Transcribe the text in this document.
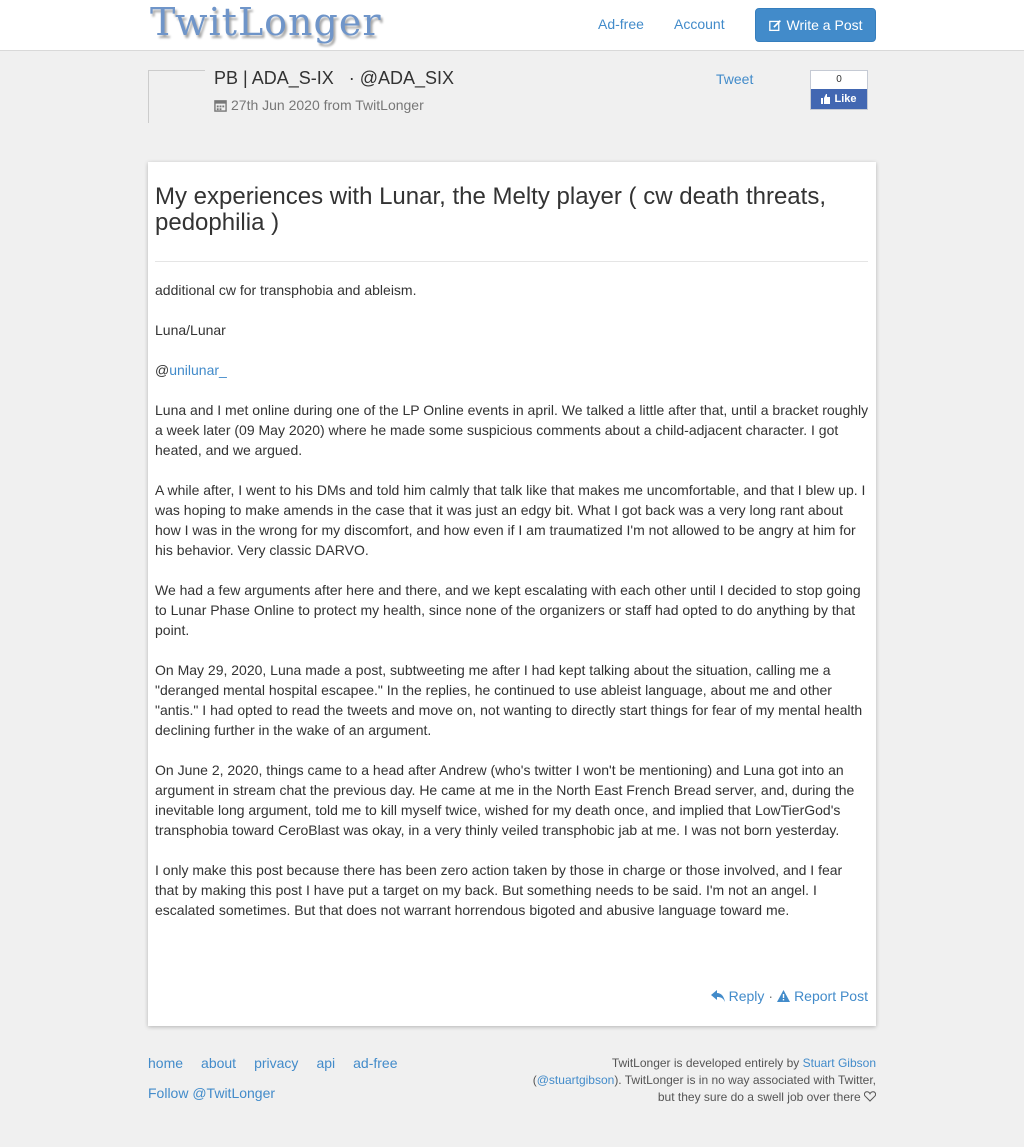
TwitLonger	Ad-free Account	Write a Post
PB | ADA_S-IX · @ADA_SIX
27th Jun 2020 from TwitLonger
Tweet	0
Like
My experiences with Lunar, the Melty player ( cw death threats, pedophilia )

additional cw for transphobia and ableism.

Luna/Lunar

@unilunar_

Luna and I met online during one of the LP Online events in april. We talked a little after that, until a bracket roughly a week later (09 May 2020) where he made some suspicious comments about a child-adjacent character. I got heated, and we argued.

A while after, I went to his DMs and told him calmly that talk like that makes me uncomfortable, and that I blew up. I was hoping to make amends in the case that it was just an edgy bit. What I got back was a very long rant about how I was in the wrong for my discomfort, and how even if I am traumatized I'm not allowed to be angry at him for his behavior. Very classic DARVO.

We had a few arguments after here and there, and we kept escalating with each other until I decided to stop going to Lunar Phase Online to protect my health, since none of the organizers or staff had opted to do anything by that point.

On May 29, 2020, Luna made a post, subtweeting me after I had kept talking about the situation, calling me a "deranged mental hospital escapee." In the replies, he continued to use ableist language, about me and other "antis." I had opted to read the tweets and move on, not wanting to directly start things for fear of my mental health declining further in the wake of an argument.

On June 2, 2020, things came to a head after Andrew (who's twitter I won't be mentioning) and Luna got into an argument in stream chat the previous day. He came at me in the North East French Bread server, and, during the inevitable long argument, told me to kill myself twice, wished for my death once, and implied that LowTierGod's transphobia toward CeroBlast was okay, in a very thinly veiled transphobic jab at me. I was not born yesterday.

I only make this post because there has been zero action taken by those in charge or those involved, and I fear that by making this post I have put a target on my back. But something needs to be said. I'm not an angel. I escalated sometimes. But that does not warrant horrendous bigoted and abusive language toward me.

Reply · Report Post
home about privacy api ad-free
Follow @TwitLonger
TwitLonger is developed entirely by Stuart Gibson (@stuartgibson). TwitLonger is in no way associated with Twitter, but they sure do a swell job over there
